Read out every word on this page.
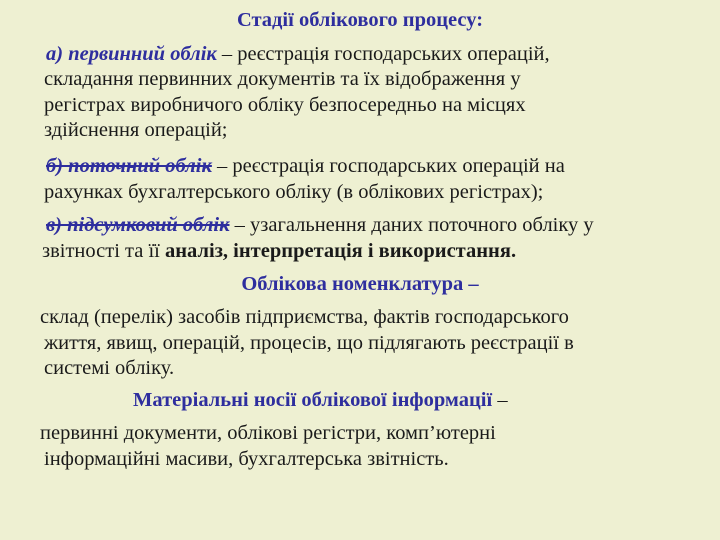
Стадії облікового процесу:
а) первинний облік – реєстрація господарських операцій,
складання первинних документів та їх відображення у
регістрах виробничого обліку безпосередньо на місцях
здійснення операцій;
б) поточний облік – реєстрація господарських операцій на
рахунках бухгалтерського обліку (в облікових регістрах);
в) підсумковий облік – узагальнення даних поточного обліку у
звітності та її аналіз, інтерпретація і використання.
Облікова номенклатура –
склад (перелік) засобів підприємства, фактів господарського
життя, явищ, операцій, процесів, що підлягають реєстрації в
системі обліку.
Матеріальні носії облікової інформації –
первинні документи, облікові регістри, комп’ютерні
інформаційні масиви, бухгалтерська звітність.
